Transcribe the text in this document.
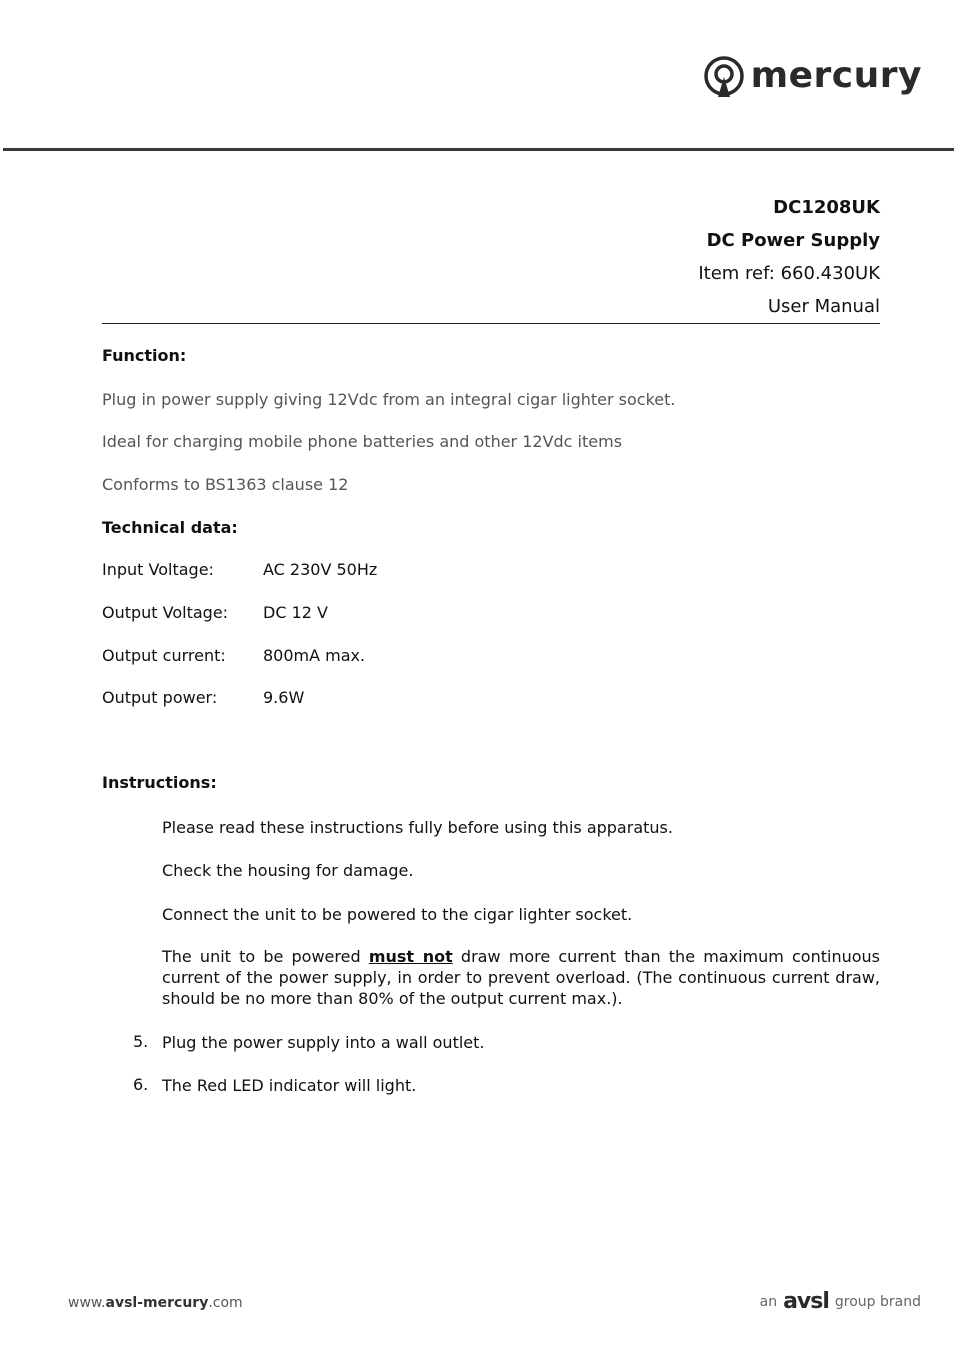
mercury
DC1208UK
DC Power Supply
Item ref: 660.430UK
User Manual
Function:
Plug in power supply giving 12Vdc from an integral cigar lighter socket.
Ideal for charging mobile phone batteries and other 12Vdc items
Conforms to BS1363 clause 12
Technical data:
Input Voltage:	AC 230V 50Hz
Output Voltage: DC 12 V
Output current: 800mA max.
Output power:	9.6W
Instructions:
Please read these instructions fully before using this apparatus.
Check the housing for damage.
Connect the unit to be powered to the cigar lighter socket.
The unit to be powered must not draw more current than the maximum continuous current of the power supply, in order to prevent overload. (The continuous current draw, should be no more than 80% of the output current max.).
5. Plug the power supply into a wall outlet.
6. The Red LED indicator will light.
www.avsl-mercury.com	an avsl group brand
